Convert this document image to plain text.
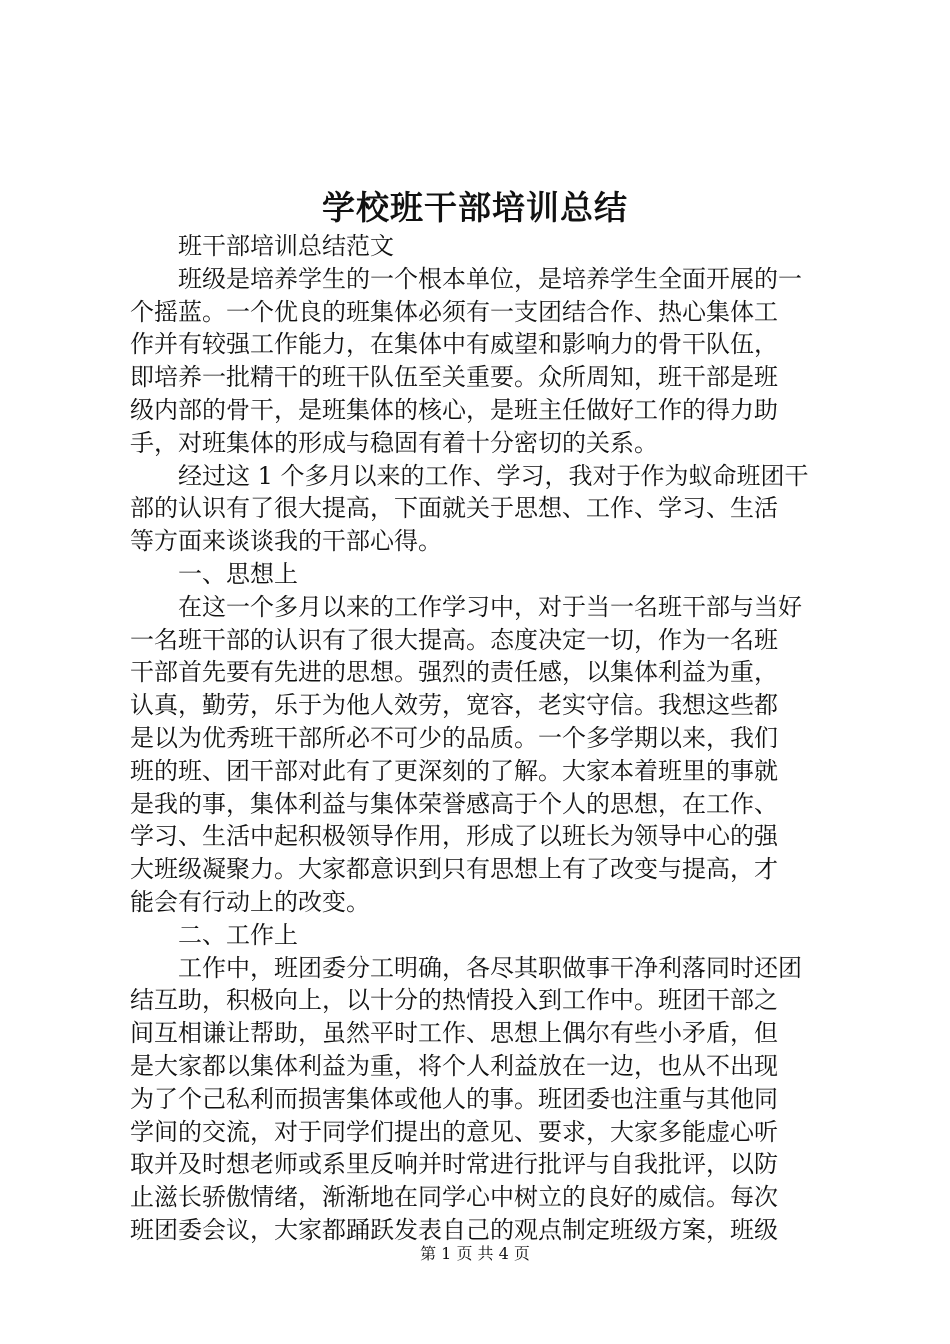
学校班干部培训总结
班干部培训总结范文
班级是培养学生的一个根本单位，是培养学生全面开展的一
个摇蓝。一个优良的班集体必须有一支团结合作、热心集体工
作并有较强工作能力，在集体中有威望和影响力的骨干队伍，
即培养一批精干的班干队伍至关重要。众所周知，班干部是班
级内部的骨干，是班集体的核心，是班主任做好工作的得力助
手，对班集体的形成与稳固有着十分密切的关系。
经过这 1 个多月以来的工作、学习，我对于作为蚁命班团干
部的认识有了很大提高，下面就关于思想、工作、学习、生活
等方面来谈谈我的干部心得。
一、思想上
在这一个多月以来的工作学习中，对于当一名班干部与当好
一名班干部的认识有了很大提高。态度决定一切，作为一名班
干部首先要有先进的思想。强烈的责任感，以集体利益为重，
认真，勤劳，乐于为他人效劳，宽容，老实守信。我想这些都
是以为优秀班干部所必不可少的品质。一个多学期以来，我们
班的班、团干部对此有了更深刻的了解。大家本着班里的事就
是我的事，集体利益与集体荣誉感高于个人的思想，在工作、
学习、生活中起积极领导作用，形成了以班长为领导中心的强
大班级凝聚力。大家都意识到只有思想上有了改变与提高，才
能会有行动上的改变。
二、工作上
工作中，班团委分工明确，各尽其职做事干净利落同时还团
结互助，积极向上，以十分的热情投入到工作中。班团干部之
间互相谦让帮助，虽然平时工作、思想上偶尔有些小矛盾，但
是大家都以集体利益为重，将个人利益放在一边，也从不出现
为了个己私利而损害集体或他人的事。班团委也注重与其他同
学间的交流，对于同学们提出的意见、要求，大家多能虚心听
取并及时想老师或系里反响并时常进行批评与自我批评，以防
止滋长骄傲情绪，渐渐地在同学心中树立的良好的威信。每次
班团委会议，大家都踊跃发表自己的观点制定班级方案，班级
第 1 页 共 4 页
